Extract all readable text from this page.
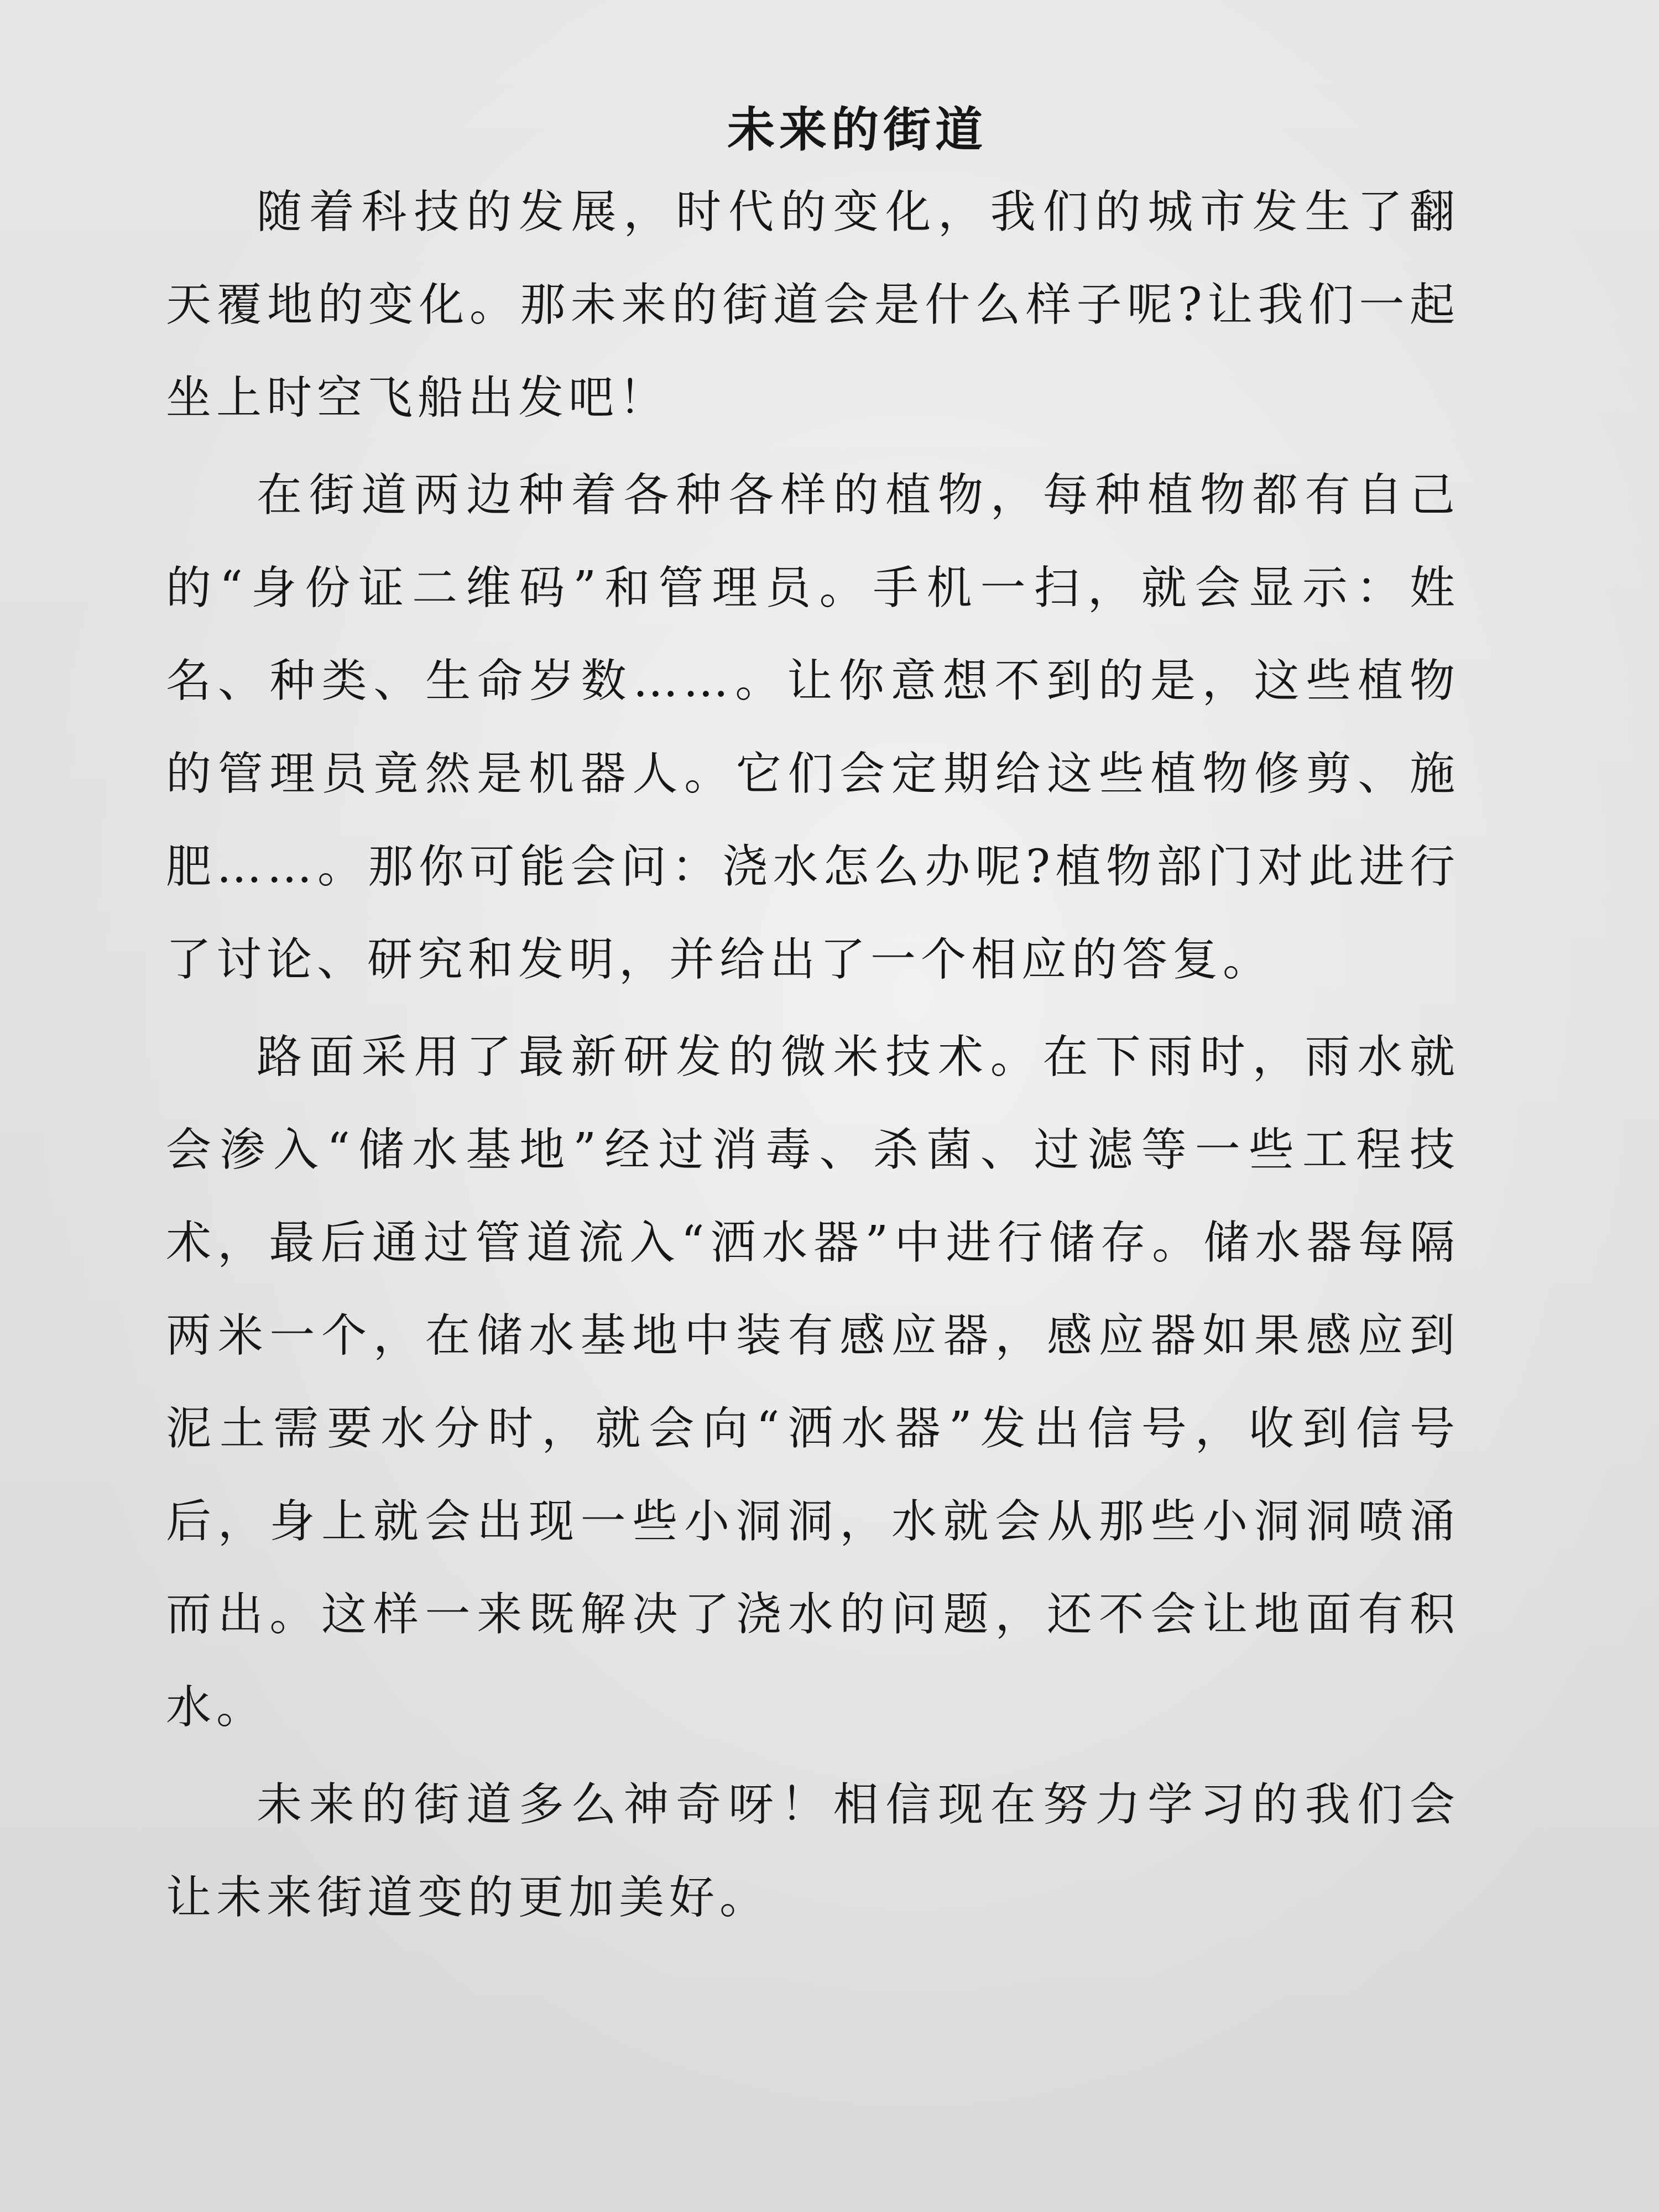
未来的街道

随着科技的发展，时代的变化，我们的城市发生了翻天覆地的变化。那未来的街道会是什么样子呢?让我们一起坐上时空飞船出发吧！

在街道两边种着各种各样的植物，每种植物都有自己的“身份证二维码”和管理员。手机一扫，就会显示：姓名、种类、生命岁数……。让你意想不到的是，这些植物的管理员竟然是机器人。它们会定期给这些植物修剪、施肥……。那你可能会问：浇水怎么办呢?植物部门对此进行了讨论、研究和发明，并给出了一个相应的答复。

路面采用了最新研发的微米技术。在下雨时，雨水就会渗入“储水基地”经过消毒、杀菌、过滤等一些工程技术，最后通过管道流入“洒水器”中进行储存。储水器每隔两米一个，在储水基地中装有感应器，感应器如果感应到泥土需要水分时，就会向“洒水器”发出信号，收到信号后，身上就会出现一些小洞洞，水就会从那些小洞洞喷涌而出。这样一来既解决了浇水的问题，还不会让地面有积水。

未来的街道多么神奇呀！相信现在努力学习的我们会让未来街道变的更加美好。
